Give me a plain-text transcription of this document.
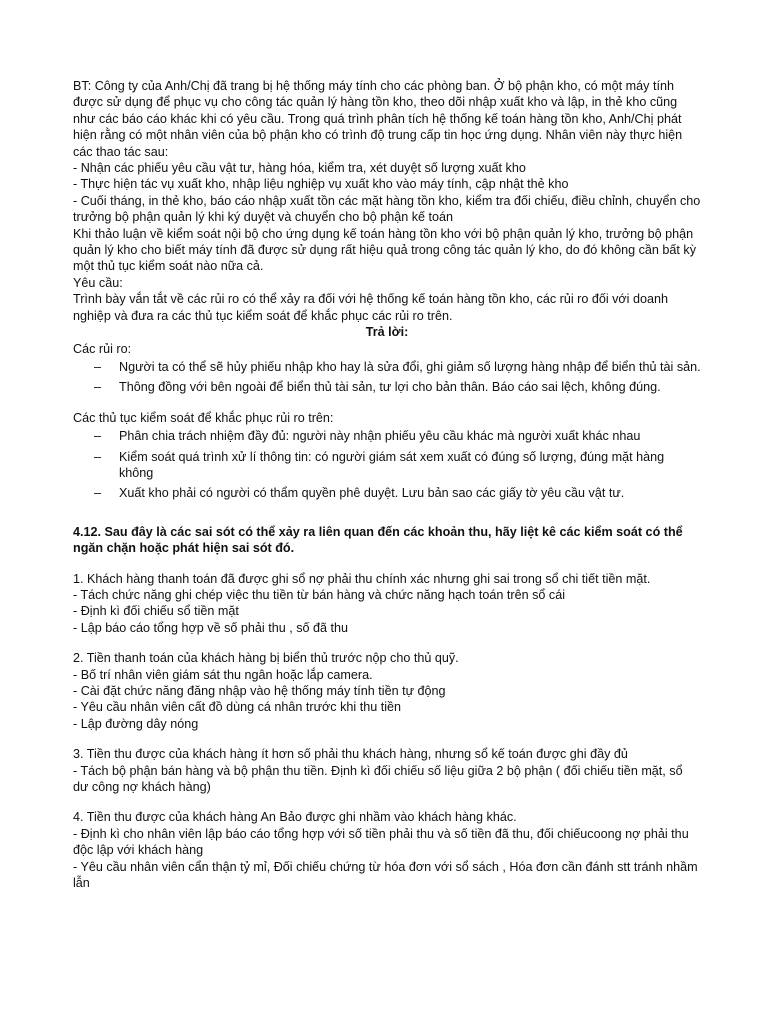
BT: Công ty của Anh/Chị đã trang bị hệ thống máy tính cho các phòng ban. Ở bộ phận kho, có một máy tính được sử dụng để phục vụ cho công tác quản lý hàng tồn kho, theo dõi nhập xuất kho và lập, in thẻ kho cũng như các báo cáo khác khi có yêu cầu. Trong quá trình phân tích hệ thống kế toán hàng tồn kho, Anh/Chị phát hiện rằng có một nhân viên của bộ phận kho có trình độ trung cấp tin học ứng dụng. Nhân viên này thực hiện các thao tác sau:

- Nhận các phiếu yêu cầu vật tư, hàng hóa, kiểm tra, xét duyệt số lượng xuất kho

- Thực hiện tác vụ xuất kho, nhập liệu nghiệp vụ xuất kho vào máy tính, cập nhật thẻ kho

- Cuối tháng, in thẻ kho, báo cáo nhập xuất tồn các mặt hàng tồn kho, kiểm tra đối chiếu, điều chỉnh, chuyển cho trưởng bộ phận quản lý khi ký duyệt và chuyển cho bộ phận kế toán

Khi thảo luận về kiểm soát nội bộ cho ứng dụng kế toán hàng tồn kho với bộ phận quản lý kho, trưởng bộ phận quản lý kho cho biết máy tính đã được sử dụng rất hiệu quả trong công tác quản lý kho, do đó không cần bất kỳ một thủ tục kiểm soát nào nữa cả.

Yêu cầu:

Trình bày vắn tắt về các rủi ro có thể xảy ra đối với hệ thống kế toán hàng tồn kho, các rủi ro đối với doanh nghiệp và đưa ra các thủ tục kiểm soát để khắc phục các rủi ro trên.

Trả lời:

Các rủi ro:

– Người ta có thể sẽ hủy phiếu nhập kho hay là sửa đổi, ghi giảm số lượng hàng nhập để biển thủ tài sản.
– Thông đồng với bên ngoài để biển thủ tài sản, tư lợi cho bản thân. Báo cáo sai lệch, không đúng.

Các thủ tục kiểm soát để khắc phục rủi ro trên:

– Phân chia trách nhiệm đầy đủ: người này nhận phiếu yêu cầu khác mà người xuất khác nhau
– Kiểm soát quá trình xử lí thông tin: có người giám sát xem xuất có đúng số lượng, đúng mặt hàng không
– Xuất kho phải có người có thẩm quyền phê duyệt. Lưu bản sao các giấy tờ yêu cầu vật tư.

4.12. Sau đây là các sai sót có thể xảy ra liên quan đến các khoản thu, hãy liệt kê các kiểm soát có thể ngăn chặn hoặc phát hiện sai sót đó.

1. Khách hàng thanh toán đã được ghi sổ nợ phải thu chính xác nhưng ghi sai trong sổ chi tiết tiền mặt.

- Tách chức năng ghi chép việc thu tiền từ bán hàng và chức năng hạch toán trên sổ cái

- Định kì đối chiếu sổ tiền mặt

- Lập báo cáo tổng hợp về số phải thu , số đã thu

2. Tiền thanh toán của khách hàng bị biển thủ trước nộp cho thủ quỹ.

- Bố trí nhân viên giám sát thu ngân hoặc lắp camera.

- Cài đặt chức năng đăng nhập vào hệ thống máy tính tiền tự động

- Yêu cầu nhân viên cất đồ dùng cá nhân trước khi thu tiền

- Lập đường dây nóng

3. Tiền thu được của khách hàng ít hơn số phải thu khách hàng, nhưng sổ kế toán được ghi đầy đủ

- Tách bộ phận bán hàng và bộ phận thu tiền. Định kì đối chiếu số liệu giữa 2 bộ phận ( đối chiếu tiền mặt, sổ dư công nợ khách hàng)

4. Tiền thu được của khách hàng An Bảo được ghi nhầm vào khách hàng khác.

- Định kì cho nhân viên lập báo cáo tổng hợp với số tiền phải thu và số tiền đã thu, đối chiếucoong nợ phải thu độc lập với khách hàng

- Yêu cầu nhân viên cẩn thận tỷ mỉ, Đối chiếu chứng từ hóa đơn với sổ sách , Hóa đơn cần đánh stt tránh nhầm lẫn
